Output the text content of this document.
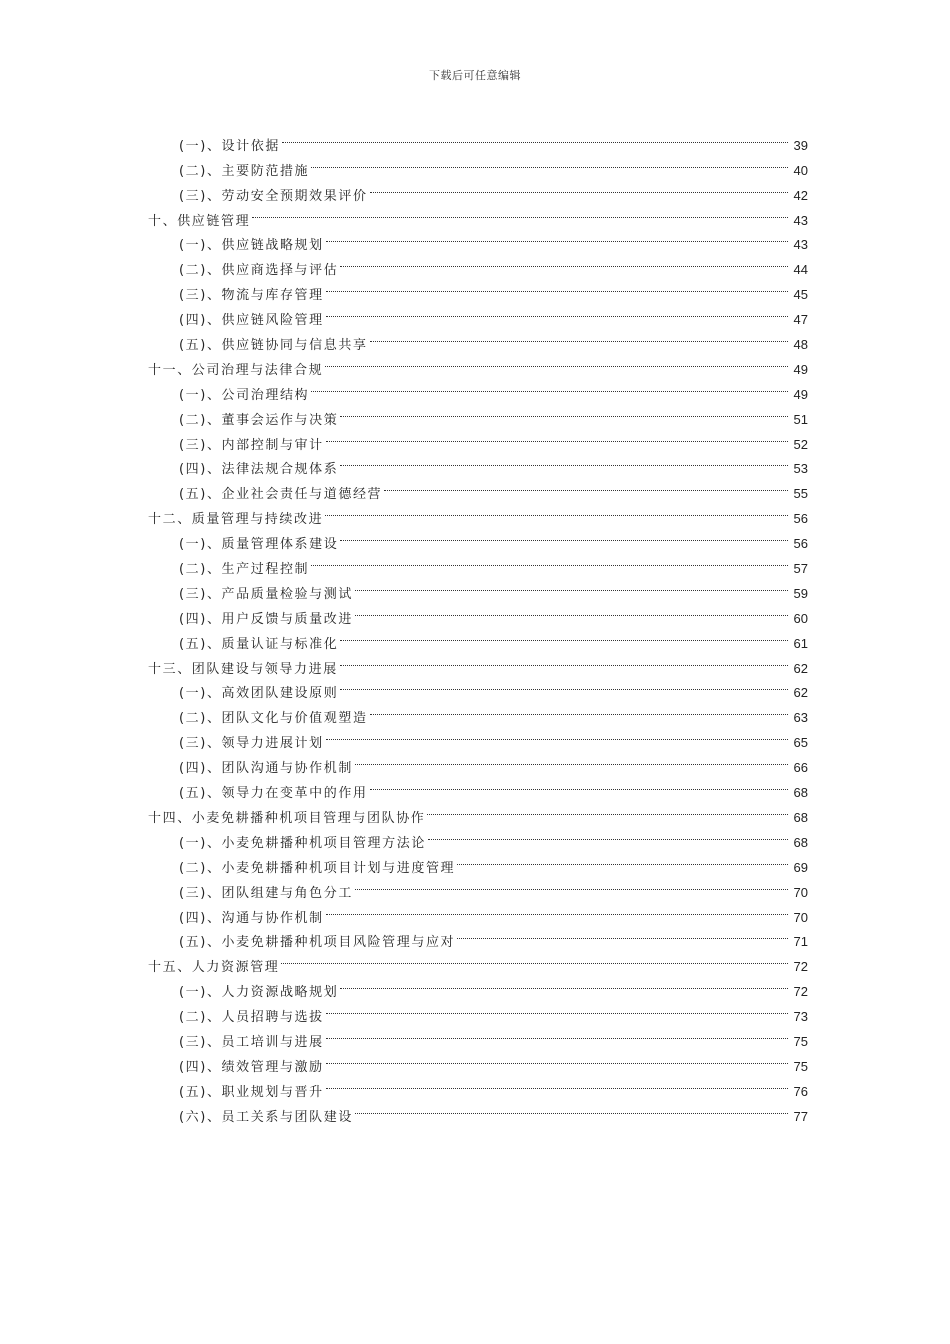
下载后可任意编辑
(一)、设计依据	39
(二)、主要防范措施	40
(三)、劳动安全预期效果评价	42
十、供应链管理	43
(一)、供应链战略规划	43
(二)、供应商选择与评估	44
(三)、物流与库存管理	45
(四)、供应链风险管理	47
(五)、供应链协同与信息共享	48
十一、公司治理与法律合规	49
(一)、公司治理结构	49
(二)、董事会运作与决策	51
(三)、内部控制与审计	52
(四)、法律法规合规体系	53
(五)、企业社会责任与道德经营	55
十二、质量管理与持续改进	56
(一)、质量管理体系建设	56
(二)、生产过程控制	57
(三)、产品质量检验与测试	59
(四)、用户反馈与质量改进	60
(五)、质量认证与标准化	61
十三、团队建设与领导力进展	62
(一)、高效团队建设原则	62
(二)、团队文化与价值观塑造	63
(三)、领导力进展计划	65
(四)、团队沟通与协作机制	66
(五)、领导力在变革中的作用	68
十四、小麦免耕播种机项目管理与团队协作	68
(一)、小麦免耕播种机项目管理方法论	68
(二)、小麦免耕播种机项目计划与进度管理	69
(三)、团队组建与角色分工	70
(四)、沟通与协作机制	70
(五)、小麦免耕播种机项目风险管理与应对	71
十五、人力资源管理	72
(一)、人力资源战略规划	72
(二)、人员招聘与选拔	73
(三)、员工培训与进展	75
(四)、绩效管理与激励	75
(五)、职业规划与晋升	76
(六)、员工关系与团队建设	77
